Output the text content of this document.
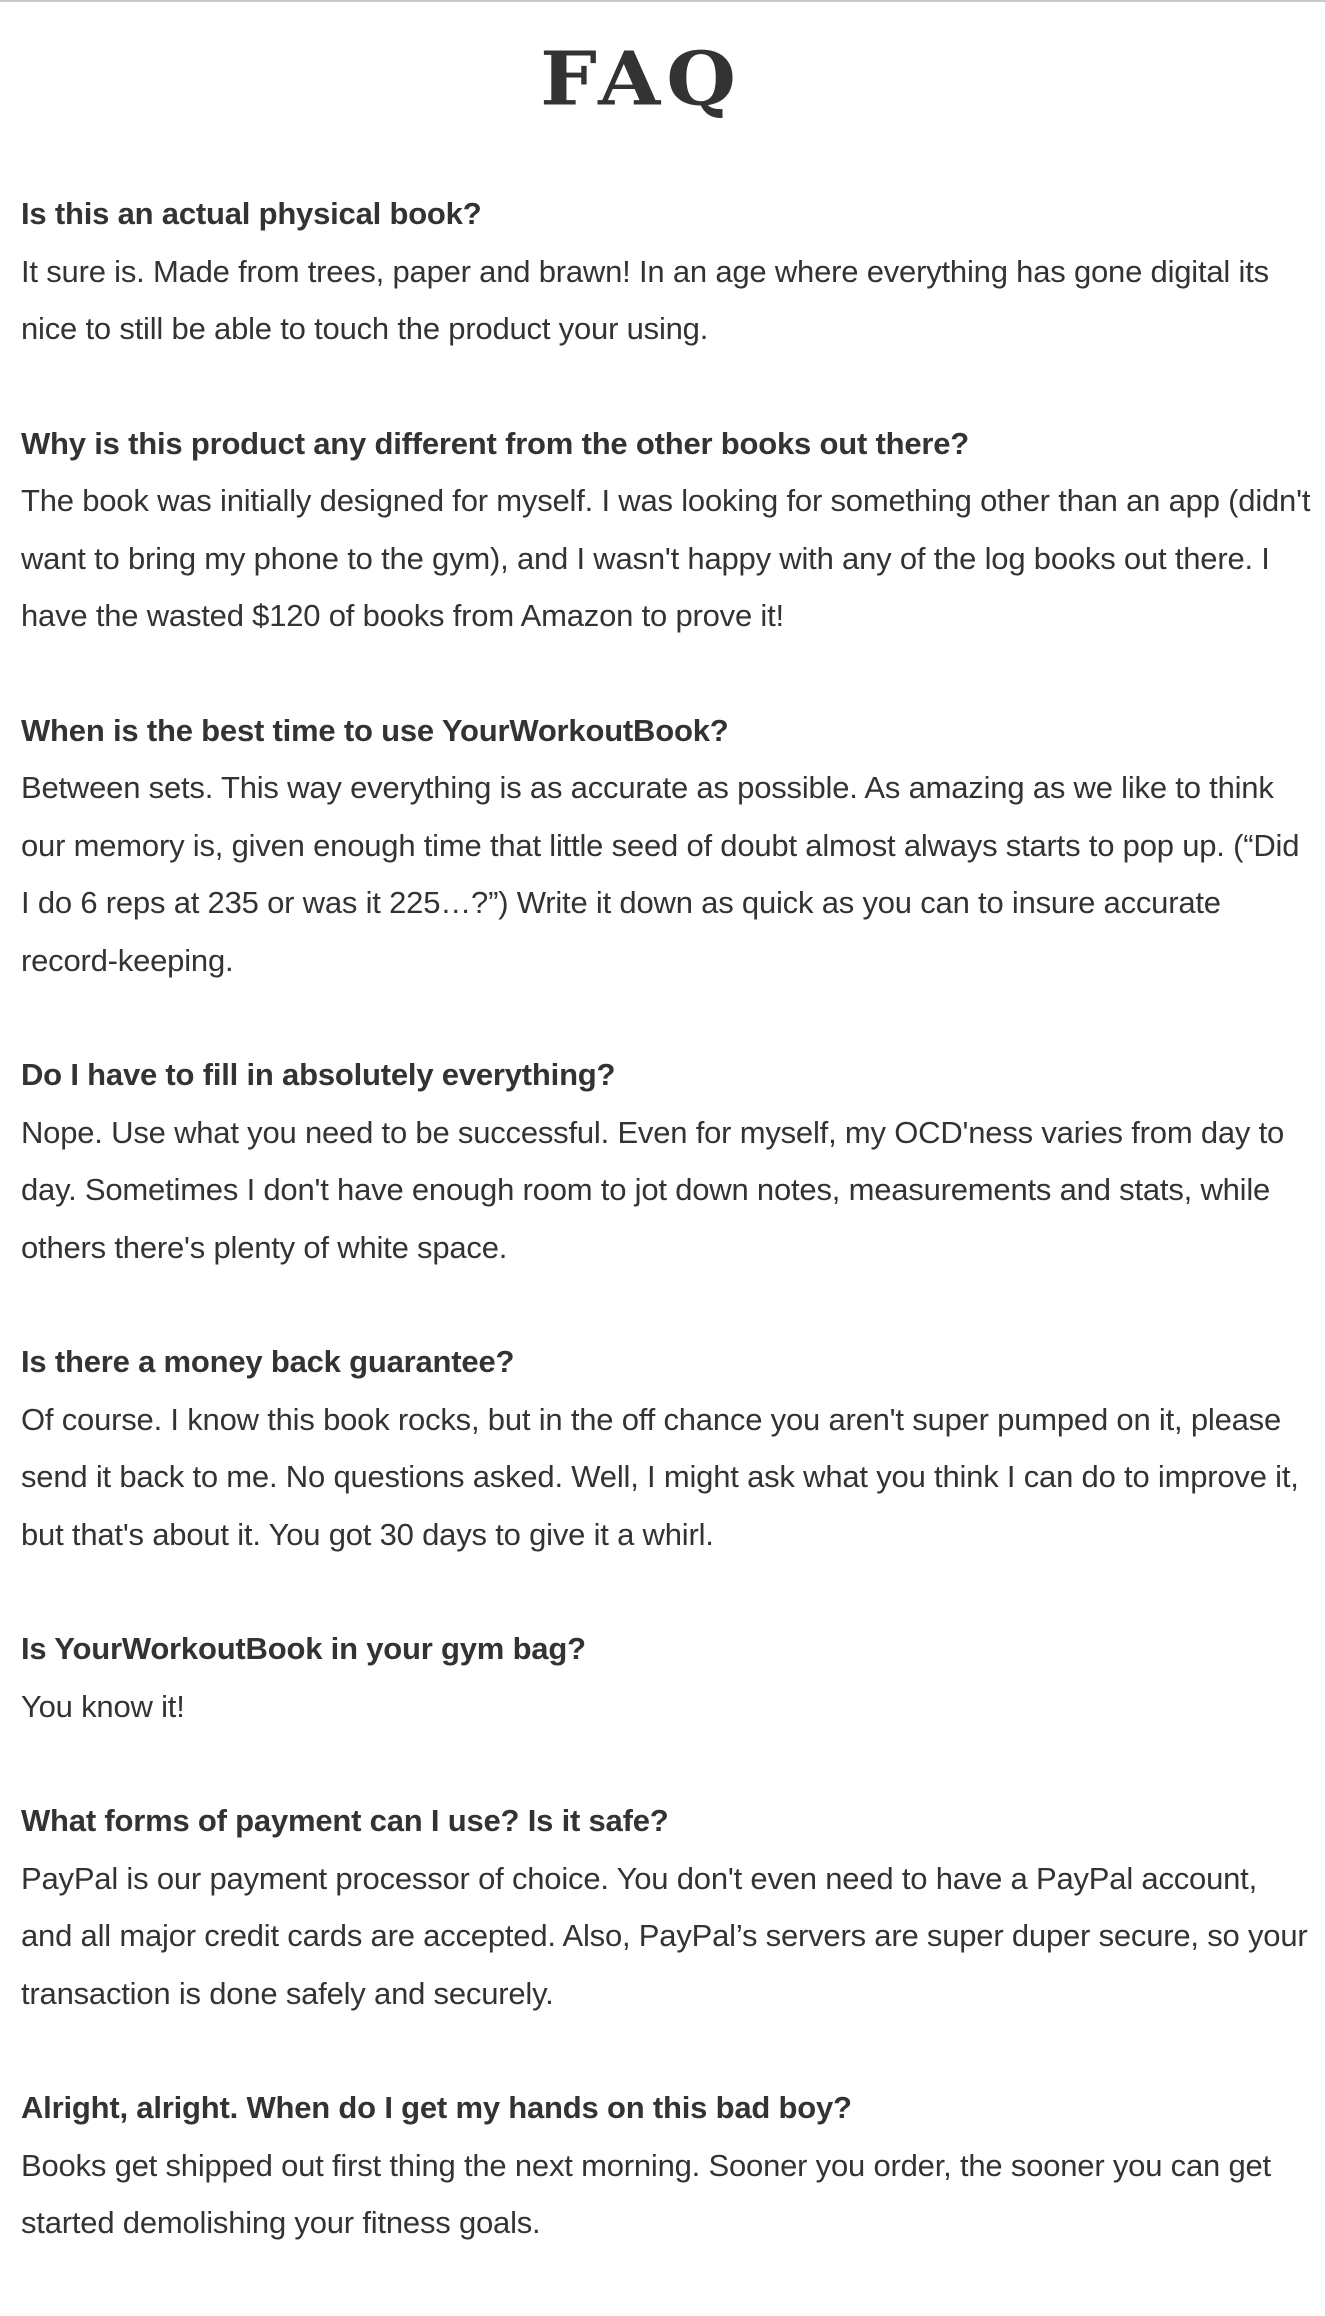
FAQ

Is this an actual physical book?

It sure is. Made from trees, paper and brawn! In an age where everything has gone digital its nice to still be able to touch the product your using.

Why is this product any different from the other books out there?

The book was initially designed for myself. I was looking for something other than an app (didn't want to bring my phone to the gym), and I wasn't happy with any of the log books out there. I have the wasted $120 of books from Amazon to prove it!

When is the best time to use YourWorkoutBook?

Between sets. This way everything is as accurate as possible. As amazing as we like to think our memory is, given enough time that little seed of doubt almost always starts to pop up. (“Did I do 6 reps at 235 or was it 225…?”) Write it down as quick as you can to insure accurate record-keeping.

Do I have to fill in absolutely everything?

Nope. Use what you need to be successful. Even for myself, my OCD'ness varies from day to day. Sometimes I don't have enough room to jot down notes, measurements and stats, while others there's plenty of white space.

Is there a money back guarantee?

Of course. I know this book rocks, but in the off chance you aren't super pumped on it, please send it back to me. No questions asked. Well, I might ask what you think I can do to improve it, but that's about it. You got 30 days to give it a whirl.

Is YourWorkoutBook in your gym bag?

You know it!

What forms of payment can I use? Is it safe?

PayPal is our payment processor of choice. You don't even need to have a PayPal account, and all major credit cards are accepted. Also, PayPal’s servers are super duper secure, so your transaction is done safely and securely.

Alright, alright. When do I get my hands on this bad boy?

Books get shipped out first thing the next morning. Sooner you order, the sooner you can get started demolishing your fitness goals.
